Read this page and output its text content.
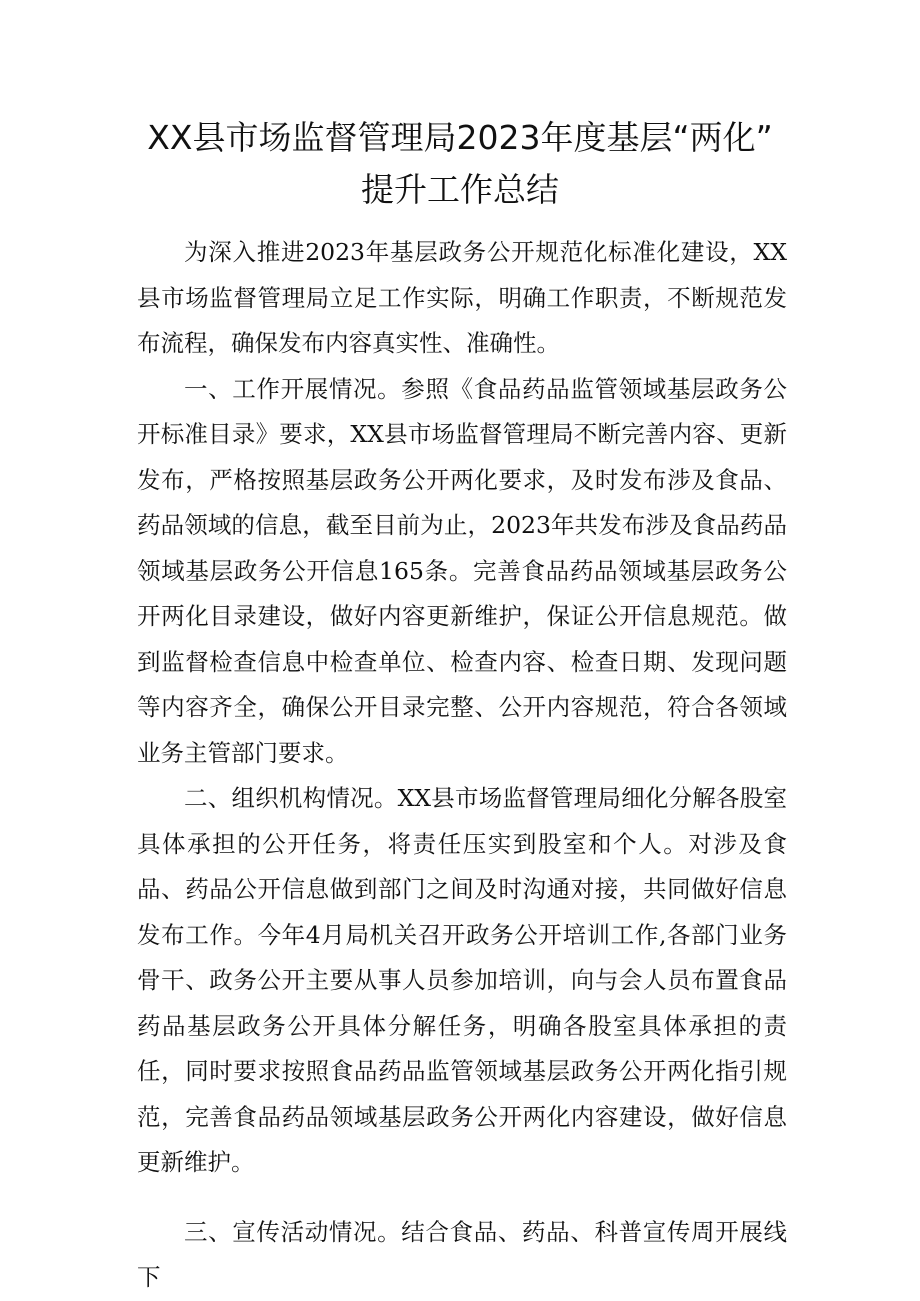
XX县市场监督管理局2023年度基层“两化”
提升工作总结

为深入推进2023年基层政务公开规范化标准化建设，XX县市场监督管理局立足工作实际，明确工作职责，不断规范发布流程，确保发布内容真实性、准确性。

一、工作开展情况。参照《食品药品监管领域基层政务公开标准目录》要求，XX县市场监督管理局不断完善内容、更新发布，严格按照基层政务公开两化要求，及时发布涉及食品、药品领域的信息，截至目前为止，2023年共发布涉及食品药品领域基层政务公开信息165条。完善食品药品领域基层政务公开两化目录建设，做好内容更新维护，保证公开信息规范。做到监督检查信息中检查单位、检查内容、检查日期、发现问题等内容齐全，确保公开目录完整、公开内容规范，符合各领域业务主管部门要求。

二、组织机构情况。XX县市场监督管理局细化分解各股室具体承担的公开任务，将责任压实到股室和个人。对涉及食品、药品公开信息做到部门之间及时沟通对接，共同做好信息发布工作。今年4月局机关召开政务公开培训工作,各部门业务骨干、政务公开主要从事人员参加培训，向与会人员布置食品药品基层政务公开具体分解任务，明确各股室具体承担的责任，同时要求按照食品药品监管领域基层政务公开两化指引规范，完善食品药品领域基层政务公开两化内容建设，做好信息更新维护。

三、宣传活动情况。结合食品、药品、科普宣传周开展线下
